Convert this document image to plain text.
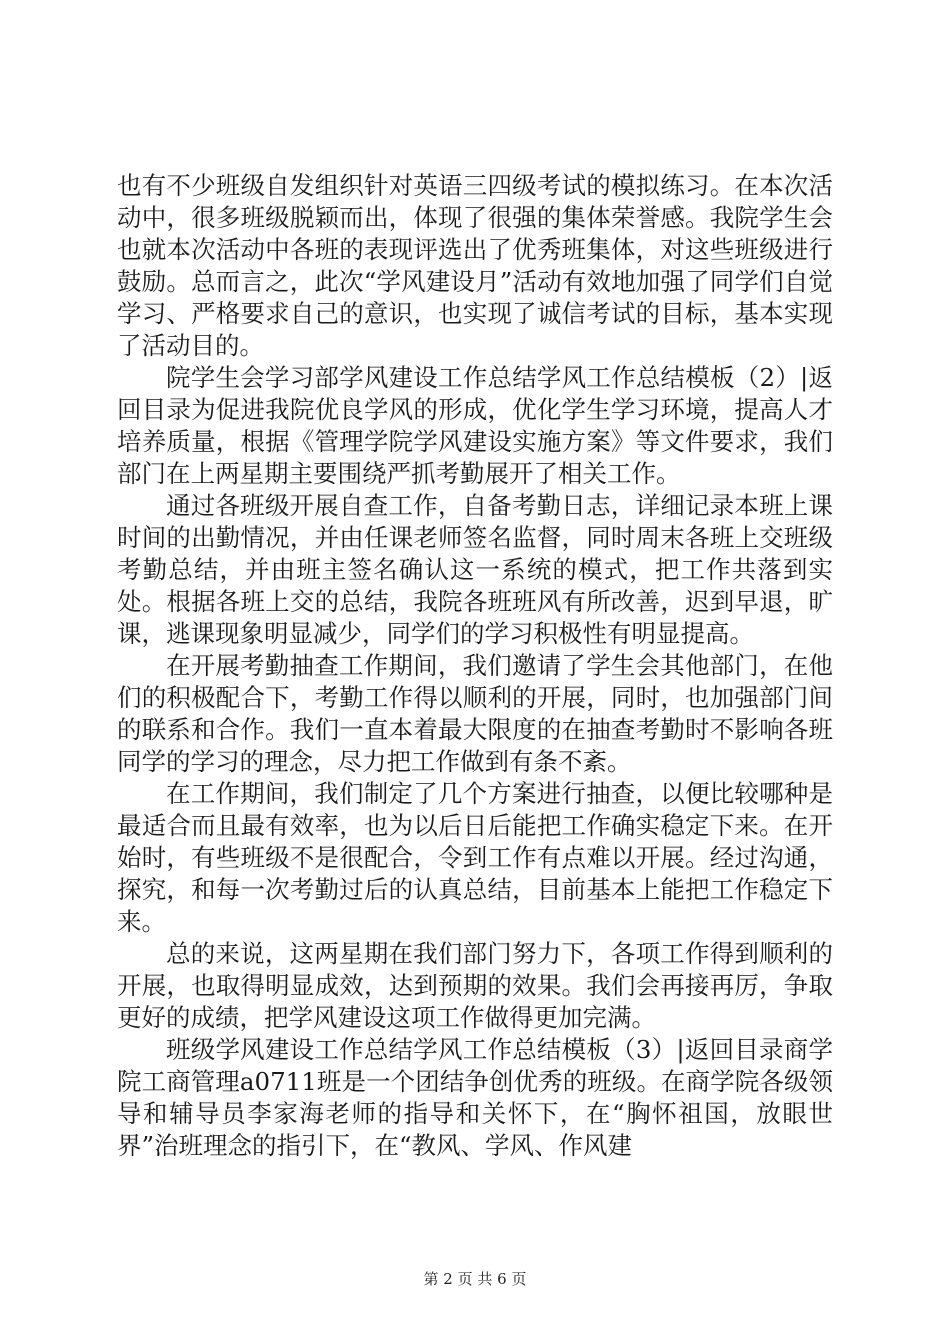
也有不少班级自发组织针对英语三四级考试的模拟练习。在本次活动中，很多班级脱颖而出，体现了很强的集体荣誉感。我院学生会也就本次活动中各班的表现评选出了优秀班集体，对这些班级进行鼓励。总而言之，此次“学风建设月”活动有效地加强了同学们自觉学习、严格要求自己的意识，也实现了诚信考试的目标，基本实现了活动目的。

院学生会学习部学风建设工作总结学风工作总结模板（2）|返回目录为促进我院优良学风的形成，优化学生学习环境，提高人才培养质量，根据《管理学院学风建设实施方案》等文件要求，我们部门在上两星期主要围绕严抓考勤展开了相关工作。

通过各班级开展自查工作，自备考勤日志，详细记录本班上课时间的出勤情况，并由任课老师签名监督，同时周末各班上交班级考勤总结，并由班主签名确认这一系统的模式，把工作共落到实处。根据各班上交的总结，我院各班班风有所改善，迟到早退，旷课，逃课现象明显减少，同学们的学习积极性有明显提高。

在开展考勤抽查工作期间，我们邀请了学生会其他部门，在他们的积极配合下，考勤工作得以顺利的开展，同时，也加强部门间的联系和合作。我们一直本着最大限度的在抽查考勤时不影响各班同学的学习的理念，尽力把工作做到有条不紊。

在工作期间，我们制定了几个方案进行抽查，以便比较哪种是最适合而且最有效率，也为以后日后能把工作确实稳定下来。在开始时，有些班级不是很配合，令到工作有点难以开展。经过沟通，探究，和每一次考勤过后的认真总结，目前基本上能把工作稳定下来。

总的来说，这两星期在我们部门努力下，各项工作得到顺利的开展，也取得明显成效，达到预期的效果。我们会再接再厉，争取更好的成绩，把学风建设这项工作做得更加完满。

班级学风建设工作总结学风工作总结模板（3）|返回目录商学院工商管理a0711班是一个团结争创优秀的班级。在商学院各级领导和辅导员李家海老师的指导和关怀下，在“胸怀祖国，放眼世界”治班理念的指引下，在“教风、学风、作风建

第 2 页 共 6 页
